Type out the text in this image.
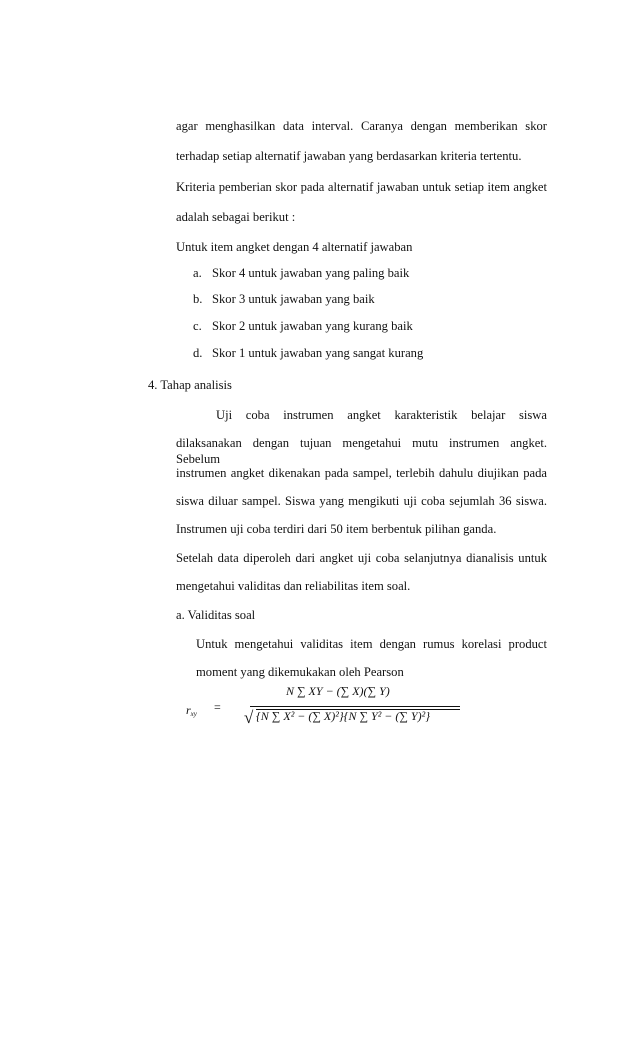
agar menghasilkan data interval. Caranya dengan memberikan skor
terhadap setiap alternatif jawaban yang berdasarkan kriteria tertentu.
Kriteria pemberian skor pada alternatif jawaban untuk setiap item angket
adalah sebagai berikut :
Untuk item angket dengan 4 alternatif jawaban
a. Skor 4 untuk jawaban yang paling baik
b. Skor 3 untuk jawaban yang baik
c. Skor 2 untuk jawaban yang kurang baik
d. Skor 1 untuk jawaban yang sangat kurang
4. Tahap analisis
Uji coba instrumen angket karakteristik belajar siswa
dilaksanakan dengan tujuan mengetahui mutu instrumen angket. Sebelum
instrumen angket dikenakan pada sampel, terlebih dahulu diujikan pada
siswa diluar sampel. Siswa yang mengikuti uji coba sejumlah 36 siswa.
Instrumen uji coba terdiri dari 50 item berbentuk pilihan ganda.
Setelah data diperoleh dari angket uji coba selanjutnya dianalisis untuk
mengetahui validitas dan reliabilitas item soal.
a. Validitas soal
Untuk mengetahui validitas item dengan rumus korelasi product
moment yang dikemukakan oleh Pearson
$r_{xy}$ =
N ∑ XY − (∑ X)(∑ Y)
√ {N ∑ X² − (∑ X)²}{N ∑ Y² − (∑ Y)²}
